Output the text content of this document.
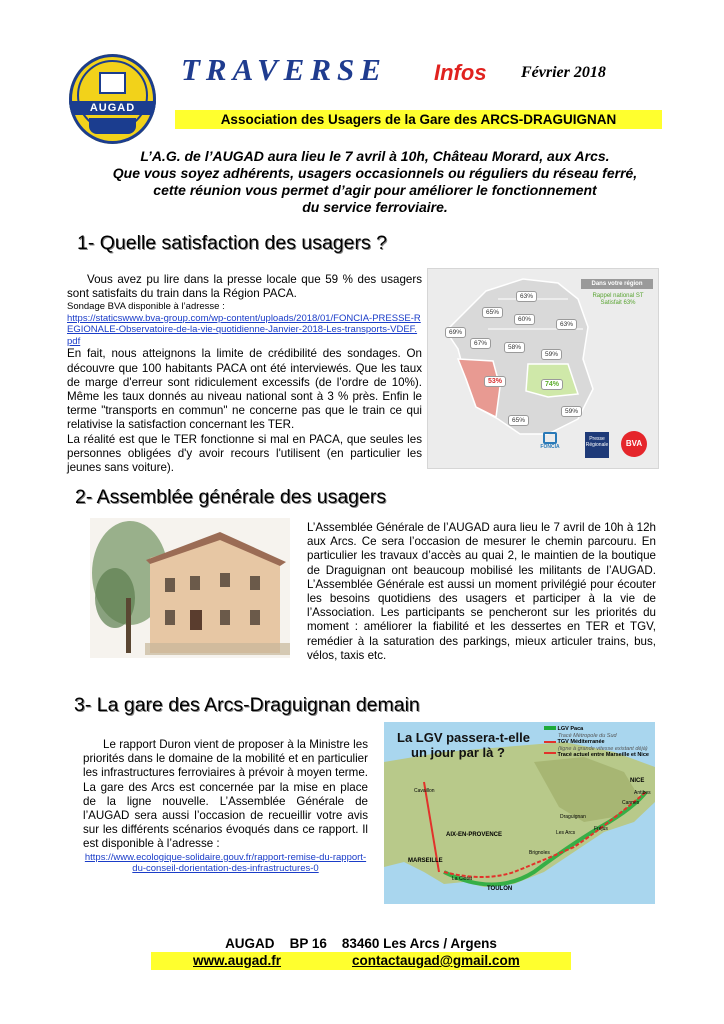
AUGAD
TRAVERSE Infos Février 2018
Association des Usagers de la Gare des ARCS-DRAGUIGNAN
L’A.G. de l’AUGAD aura lieu le 7 avril à 10h, Château Morard, aux Arcs.
Que vous soyez adhérents, usagers occasionnels ou réguliers du réseau ferré,
cette réunion vous permet d’agir pour améliorer le fonctionnement
du service ferroviaire.
1- Quelle satisfaction des usagers ?
Vous avez pu lire dans la presse locale que 59 % des usagers sont satisfaits du train dans la Région PACA.
Sondage BVA disponible à l’adresse :
https://staticswww.bva-group.com/wp-content/uploads/2018/01/FONCIA-PRESSE-REGIONALE-Observatoire-de-la-vie-quotidienne-Janvier-2018-Les-transports-VDEF.pdf
En fait, nous atteignons la limite de crédibilité des sondages. On découvre que 100 habitants PACA ont été interviewés. Que les taux de marge d'erreur sont ridiculement excessifs (de l'ordre de 10%). Même les taux donnés au niveau national sont à 3 % près. Enfin le terme "transports en commun" ne concerne pas que le train ce qui relativise la satisfaction concernant les TER.
La réalité est que le TER fonctionne si mal en PACA, que seules les personnes obligées d'y avoir recours l'utilisent (en particulier les jeunes sans voiture).
Dans votre région
Rappel national ST Satisfait 63%
63%
65%
60%
63%
69%
67%
58%
59%
53%	74%
59%
65%
FONCIA
Presse Régionale	BVA
2- Assemblée générale des usagers
L’Assemblée Générale de l’AUGAD aura lieu le 7 avril de 10h à 12h aux Arcs. Ce sera l’occasion de mesurer le chemin parcouru. En particulier les travaux d’accès au quai 2, le maintien de la boutique de Draguignan ont beaucoup mobilisé les militants de l’AUGAD. L’Assemblée Générale est aussi un moment privilégié pour écouter les besoins quotidiens des usagers et participer à la vie de l’Association. Les participants se pencheront sur les priorités du moment : améliorer la fiabilité et les dessertes en TER et TGV, remédier à la saturation des parkings, mieux articuler trains, bus, vélos, taxis etc.
3- La gare des Arcs-Draguignan demain
Le rapport Duron vient de proposer à la Ministre les priorités dans le domaine de la mobilité et en particulier les infrastructures ferroviaires à prévoir à moyen terme. La gare des Arcs est concernée par la mise en place de la ligne nouvelle. L’Assemblée Générale de l’AUGAD sera aussi l’occasion de recueillir votre avis sur les différents scénarios évoqués dans ce rapport. Il est disponible à l’adresse :
https://www.ecologique-solidaire.gouv.fr/rapport-remise-du-rapport-du-conseil-dorientation-des-infrastructures-0
La LGV passera-t-elle
un jour par là ?
LGV Paca
Tracé Métropole du Sud
TGV Méditerranée
(ligne à grande vitesse existant déjà)
Tracé actuel entre Marseille et Nice
NICE
AIX-EN-PROVENCE
MARSEILLE
TOULON
Draguignan
Les Arcs
Cannes
Fréjus
Cavaillon	Antibes
Brignoles
La Ciotat
AUGAD    BP 16    83460 Les Arcs / Argens
www.augad.fr	contactaugad@gmail.com
